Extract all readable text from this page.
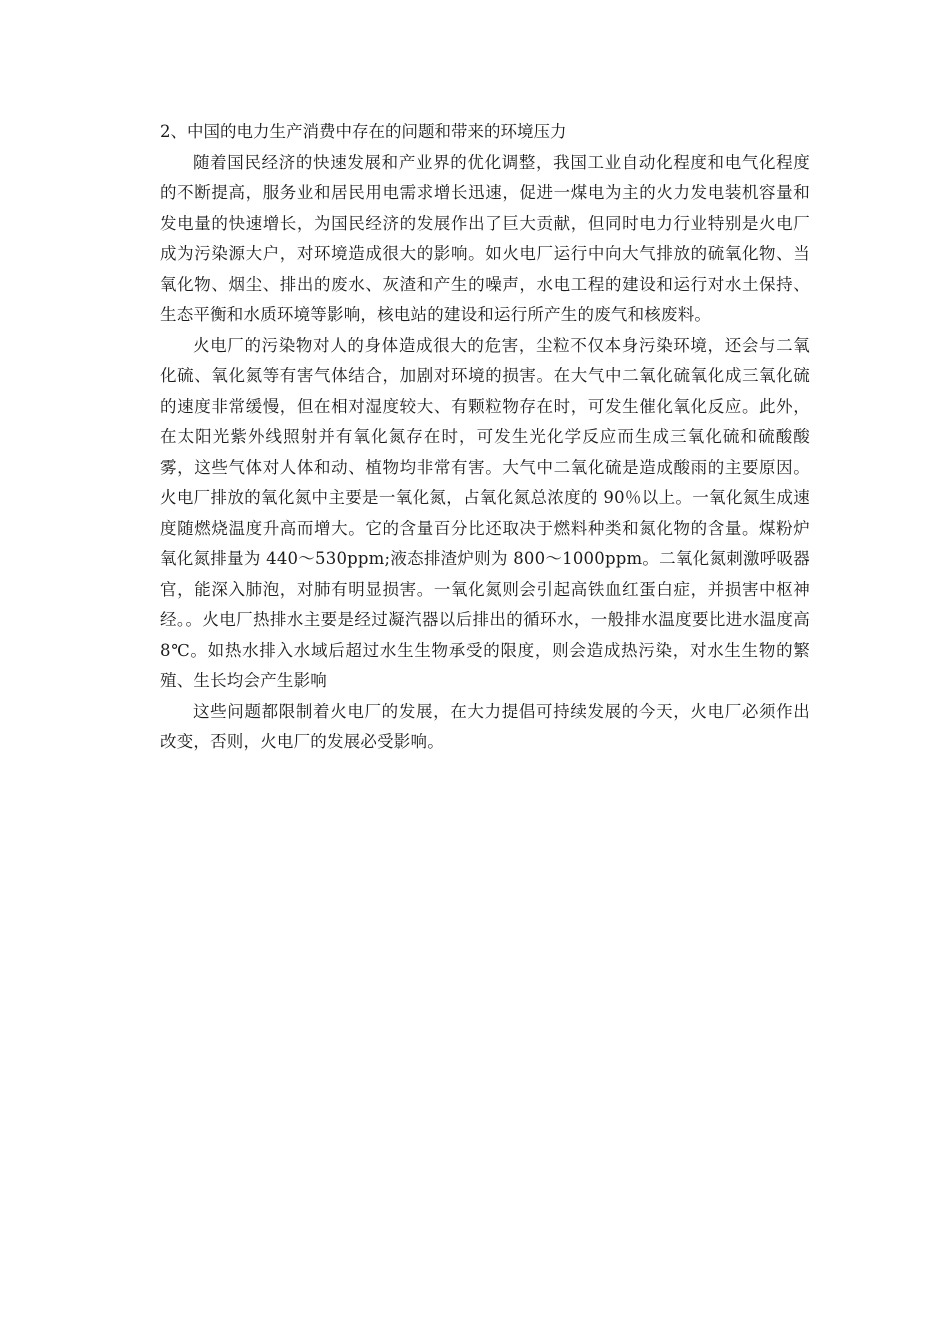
2、中国的电力生产消费中存在的问题和带来的环境压力

随着国民经济的快速发展和产业界的优化调整，我国工业自动化程度和电气化程度的不断提高，服务业和居民用电需求增长迅速，促进一煤电为主的火力发电装机容量和发电量的快速增长，为国民经济的发展作出了巨大贡献，但同时电力行业特别是火电厂成为污染源大户，对环境造成很大的影响。如火电厂运行中向大气排放的硫氧化物、当氧化物、烟尘、排出的废水、灰渣和产生的噪声，水电工程的建设和运行对水土保持、生态平衡和水质环境等影响，核电站的建设和运行所产生的废气和核废料。

火电厂的污染物对人的身体造成很大的危害，尘粒不仅本身污染环境，还会与二氧化硫、氧化氮等有害气体结合，加剧对环境的损害。在大气中二氧化硫氧化成三氧化硫的速度非常缓慢，但在相对湿度较大、有颗粒物存在时，可发生催化氧化反应。此外，在太阳光紫外线照射并有氧化氮存在时，可发生光化学反应而生成三氧化硫和硫酸酸雾，这些气体对人体和动、植物均非常有害。大气中二氧化硫是造成酸雨的主要原因。火电厂排放的氧化氮中主要是一氧化氮，占氧化氮总浓度的 90％以上。一氧化氮生成速度随燃烧温度升高而增大。它的含量百分比还取决于燃料种类和氮化物的含量。煤粉炉氧化氮排量为 440～530ppm;液态排渣炉则为 800～1000ppm。二氧化氮刺激呼吸器官，能深入肺泡，对肺有明显损害。一氧化氮则会引起高铁血红蛋白症，并损害中枢神经。。火电厂热排水主要是经过凝汽器以后排出的循环水，一般排水温度要比进水温度高 8℃。如热水排入水域后超过水生生物承受的限度，则会造成热污染，对水生生物的繁殖、生长均会产生影响

这些问题都限制着火电厂的发展，在大力提倡可持续发展的今天，火电厂必须作出改变，否则，火电厂的发展必受影响。
